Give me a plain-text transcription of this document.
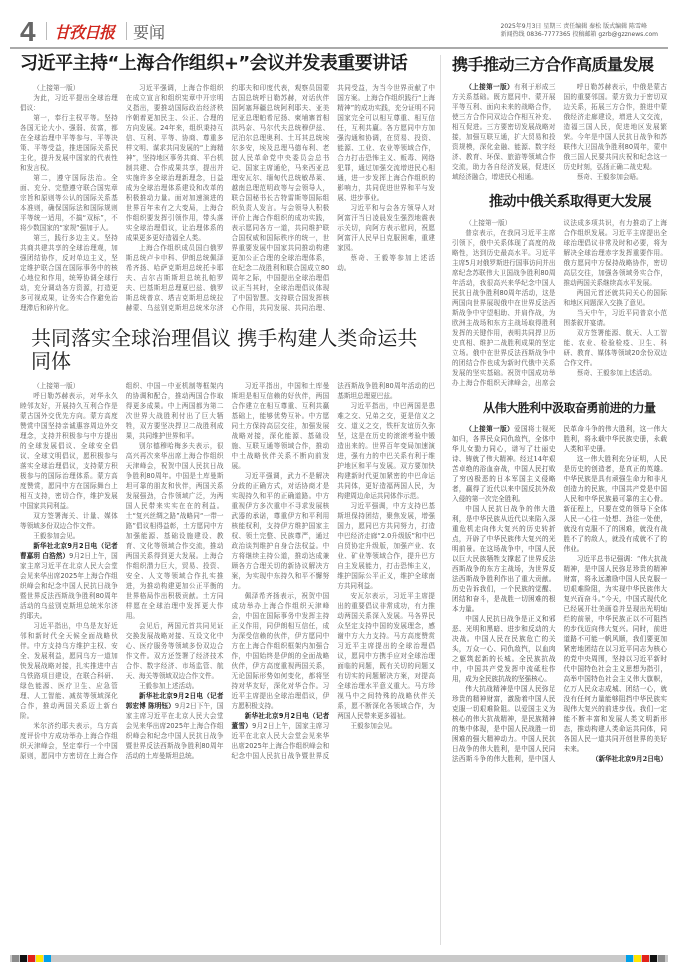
4 甘孜日报 要闻	2025年9月3日 星期三 责任编辑 秦松 版式编辑 陈雪峰
新闻热线 0836-7777365 投稿邮箱 gzrb@gzznews.com
习近平主持“上海合作组织+”会议并发表重要讲话

（上接第一版）

为此，习近平提出全球治理倡议：

第一，奉行主权平等。坚持各国无论大小、强弱、贫富，都在全球治理中平等参与、平等决策、平等受益，推进国际关系民主化，提升发展中国家的代表性和发言权。

第二，遵守国际法治。全面、充分、完整遵守联合国宪章宗旨和原则等公认的国际关系基本准则，确保国际法和国际规则平等统一适用，不搞“双标”，不将少数国家的“家规”强加于人。

第三，践行多边主义。坚持共商共建共享的全球治理观，加强团结协作，反对单边主义，坚定维护联合国在国际事务中的核心地位和作用，统筹协调全球行动，充分调动各方资源，打造更多可视成果，让务实合作避免治理滞后和碎片化。

习近平强调，上海合作组织在成立宣言和组织宪章中开宗明义指出，要推动国际政治经济秩序朝着更加民主、公正、合理的方向发展。24年来，组织秉持互信、互利、平等、协商、尊重多样文明、谋求共同发展的“上海精神”，坚持地区事务共商、平台机制共建、合作成果共享，提出并实施许多全球治理新理念，日益成为全球治理体系建设和改革的积极推动力量。面对加速演进的世界百年未有之大变局，上海合作组织要发挥引领作用，带头落实全球治理倡议，让治理体系的成果更多更好造福全人类。

上海合作组织成员国白俄罗斯总统卢卡申科、伊朗总统佩泽希齐扬、哈萨克斯坦总统托卡耶夫、吉尔吉斯斯坦总统扎帕罗夫、巴基斯坦总理夏巴兹、俄罗斯总统普京、塔吉克斯坦总统拉赫蒙、乌兹别克斯坦总统米尔济约耶夫和印度代表，观察员国蒙古国总统呼日勒苏赫，对话伙伴国阿塞拜疆总统阿利耶夫、亚美尼亚总理帕希尼扬、柬埔寨首相洪玛奈、马尔代夫总统穆伊兹、尼泊尔总理奥利、土耳其总统埃尔多安，埃及总理马德布利、老挝人民革命党中央委员会总书记、国家主席通伦，马来西亚总理安瓦尔、缅甸代总统敏昂莱、越南总理范明政等与会领导人，联合国秘书长古特雷斯等国际组织负责人发言。与会领导人积极评价上海合作组织的成功实践，表示愿同各方一道，共同维护联合国权威和国际秩序的统一，世界重要发展中国家共同推动构建更加公正合理的全球治理体系，在纪念二战胜利和联合国成立80周年之际，中国提出全球治理倡议正当其时，全球治理倡议体现了中国智慧。支持联合国发挥核心作用，共同发展、共同治理、共同受益，为当今世界贡献了中国方案。上海合作组织践行“上海精神”的成功实践，充分证明不同国家完全可以相互尊重、相互信任，互利共赢。各方愿同中方加强沟通和协调，在贸易、投资、能源、工业、农业等领域合作，合力打击恐怖主义、贩毒、网络犯罪，通过加强交流增进民心相通，进一步发挥上海合作组织的影响力，共同促进世界和平与发展、进步事业。

习近平和与会各方领导人对阿富汗当日凌晨发生强烈地震表示关切，向阿方表示慰问，祝愿阿富汗人民早日克服困难，重建家园。

蔡奇、王毅等参加上述活动。

共同落实全球治理倡议 携手构建人类命运共同体

（上接第一版）

呼日勒苏赫表示，对华永久睦邻友好，开展持久互利合作是蒙古国外交优先方向。蒙方高度赞赏中国坚持亲诚惠容周边外交理念，支持并积极参与中方提出的全球发展倡议、全球安全倡议、全球文明倡议，愿积极参与落实全球治理倡议，支持蒙方积极参与的国际治理体系。蒙方高度赞赏，愿同中方在国际舞台上相互支持，密切合作，维护发展中国家共同利益。

双方签署海关、计量、媒体等领域多份双边合作文件。

王毅参加会见。

新华社北京9月2日电（记者 曹嘉玥 白浩然）9月2日上午，国家主席习近平在北京人民大会堂会见来华出席2025年上海合作组织峰会和纪念中国人民抗日战争暨世界反法西斯战争胜利80周年活动的乌兹别克斯坦总统米尔济约耶夫。

习近平指出，中乌是友好近邻和新时代全天候全面战略伙伴。中方支持乌方维护主权、安全、发展利益，愿同乌方一道加快发展战略对接，扎实推进中吉乌铁路项目建设，在联合科研、绿色能源、医疗卫生、应急管理、人工智能、减贫等领域深化合作，推动两国关系迈上新台阶。

米尔济约耶夫表示，乌方高度评价中方成功举办上海合作组织天津峰会，坚定奉行一个中国原则，愿同中方密切在上海合作组织、中国－中亚机制等框架内的协调和配合，推动两国合作取得更多成果。中上两国都为第二次世界大战胜利付出了巨大牺牲，双方要坚决捍卫二战胜利成果，共同维护世界和平。

别尔德穆哈梅多夫表示，很高兴再次来华出席上海合作组织天津峰会，祝贺中国人民抗日战争胜利80周年。中国是土库曼斯坦可靠的朋友和伙伴，两国关系发展强劲，合作领域广泛，为两国人民带来实实在在的利益。土“复兴丝绸之路”战略同“一带一路”倡议相得益彰，土方愿同中方加强能源、基础设施建设、教育、文化等领域合作交流，推动两国关系得到更大发展。上海合作组织潜力巨大，贸易、投资、安全、人文等领域合作扎实推进，为推动构建更加公正平衡的世界格局作出积极贡献。土方同样愿在全球治理中发挥更大作用。

会见后，两国元首共同见证交换发展战略对接、互设文化中心、医疗服务等领域多份双边合作文件。双方还签署了经济技术合作、数字经济、市场监管、航天、海关等领域双边合作文件。

王毅参加上述活动。

新华社北京9月2日电（记者 郭宏博 陈明钰）9月2日下午，国家主席习近平在北京人民大会堂会见来华出席2025年上海合作组织峰会和纪念中国人民抗日战争暨世界反法西斯战争胜利80周年活动的土库曼斯坦总统。

习近平指出，中国和土库曼斯坦是相互信赖的好伙伴，两国合作建立在相互尊重、互利共赢基础上，能够优势互补。中方愿同土方保持高层交往，加强发展战略对接，深化能源、基础设施、互联互通等领域合作，推动中土战略伙伴关系不断向前发展。

习近平强调，武力不是解决分歧的正确方式，对话协商才是实现持久和平的正确道路。中方重视伊方多次重申不寻求发展核武器的承诺，尊重伊方和平利用核能权利，支持伊方维护国家主权、领土完整、民族尊严，通过政治谈判维护自身合法权益。中方将继续主持公道，推动达成兼顾各方合理关切的新协议解决方案，为实现中东持久和平不懈努力。

佩泽希齐扬表示，祝贺中国成功举办上海合作组织天津峰会，中国在国际事务中发挥主持正义作用，同伊朗相互信任，成为深受信赖的伙伴，伊方愿同中方在上海合作组织框架内加强合作，中国始终是伊朗的全面战略伙伴，伊方高度重视两国关系，无论国际形势如何变化，都将坚持对华友好，深化对华合作。习近平主席提出全球治理倡议，伊方愿积极支持。

新华社北京9月2日电（记者 董雪）9月2日上午，国家主席习近平在北京人民大会堂会见来华出席2025年上海合作组织峰会和纪念中国人民抗日战争暨世界反法西斯战争胜利80周年活动的巴基斯坦总理夏巴兹。

习近平指出，中巴两国是患难之交、兄弟之交，更是信义之交、道义之交，铁杆友谊历久弥坚，这是在历史的滚滚考验中锻造出来的。世界百年变局加速演进，强有力的中巴关系有利于维护地区和平与发展。双方要加快构建新时代更加紧密的中巴命运共同体，更好造福两国人民，为构建周边命运共同体作示范。

习近平强调，中方支持巴基斯坦保持团结，聚焦发展，增强国力，愿同巴方共同努力，打造中巴经济走廊“2.0升级版”和中巴自贸协定升级版，加强产业、农业、矿业等领域合作，提升巴方自主发展能力，打击恐怖主义，维护国际公平正义，维护全球南方共同利益。

安瓦尔表示，习近平主席提出的重要倡议非常成功，有力推动两国关系深入发展。马各界民众坚定支持中国的发展理念，感谢中方大力支持。马方高度赞赏习近平主席提出的全球治理倡议，愿同中方携手应对全球治理面临的问题，既有关切的问题又有切实的问题解决方案，对提高全球治理水平意义重大。马方珍视马中之间特殊的战略伙伴关系，愿不断深化各领域合作，为两国人民带来更多福祉。

王毅参加会见。

携手推动三方合作高质量发展

（上接第一版）有利于形成三方关系基础。既方愿同中、蒙开展平等互利、面向未来的战略合作，使三方合作同双边合作相互补充、相互促进。三方要密切发展战略对接，加强互联互通，扩大贸易和投资规模，深化金融、能源、数字经济、教育、环保、旅游等领域合作交流，助力各自经济发展，促进区域经济融合，增进民心相通。

呼日勒苏赫表示，中俄是蒙古国的重要邻国。蒙方致力于密切双边关系，拓展三方合作，推进中蒙俄经济走廊建设，增进人文交流，造福三国人民，促进地区发展繁荣。今年是中国人民抗日战争和苏联伟大卫国战争胜利80周年，蒙中俄三国人民要共同庆祝和纪念这一历史时刻，弘扬正确二战史观。

蔡奇、王毅参加会晤。

推动中俄关系取得更大发展

（上接第一版）

普京表示，在我同习近平主席引领下，俄中关系体现了高度的战略性，达到历史最高水平。习近平主席5月对俄罗斯进行国事访问并出席纪念苏联伟大卫国战争胜利80周年活动，我很高兴来华纪念中国人民抗日战争胜利80周年活动，这是两国向世界展现俄中在世界反法西斯战争中守望相助、并肩作战，为欧洲主战场和东方主战场取得胜利发挥的关键作用，表明共同捍卫历史真相、维护二战胜利成果的坚定立场。俄中在世界反法西斯战争中的团结合作也成为新时代俄中关系发展的坚实基础。祝贺中国成功举办上海合作组织天津峰会，出席会议法成多项共识，有力推动了上海合作组织发展。习近平主席提出全球治理倡议非常及时和必要，将为解决全球治理赤字发挥重要作用。俄方愿同中方保持战略协作，密切高层交往，加强各领域务实合作，推动两国关系继续高水平发展。

两国元首还就共同关心的国际和地区问题深入交换了意见。

当天中午，习近平同普京小范围茶叙并宴请。

双方签署能源、航天、人工智能、农业、检验检疫、卫生、科研、教育、媒体等领域20余份双边合作文件。

蔡奇、王毅参加上述活动。

从伟大胜利中汲取奋勇前进的力量

（上接第一版）爱国将士视死如归，各界民众同仇敌忾，全体中华儿女勠力同心，谱写了壮丽史诗、铸就了伟大精神。经过14年艰苦卓绝的浴血奋战，中国人民打败了穷凶极恶的日本军国主义侵略者，赢得了近代以来中国反抗外敌入侵的第一次完全胜利。

中国人民抗日战争的伟大胜利，是中华民族从近代以来陷入深重危机走向伟大复兴的历史转折点，开辟了中华民族伟大复兴的光明前景。在这场战争中，中国人民以巨大民族牺牲支撑起了世界反法西斯战争的东方主战场，为世界反法西斯战争胜利作出了重大贡献。历史告诉我们，一个民族的觉醒、团结和奋斗，是战胜一切困难的根本力量。

中国人民抗日战争是正义和邪恶、光明和黑暗、进步和反动的大决战。中国人民在民族危亡的关头，万众一心、同仇敌忾，以血肉之躯筑起新的长城。全民族抗战中，中国共产党发挥中流砥柱作用，成为全民族抗战的坚强核心。

伟大抗战精神是中国人民弥足珍贵的精神财富，激励着中国人民克服一切艰难险阻。以爱国主义为核心的伟大抗战精神，是民族精神的集中体现，是中国人民战胜一切困难的强大精神动力。中国人民抗日战争的伟大胜利，是中国人民同法西斯斗争的伟大胜利，是中国人民革命斗争的伟大胜利，这一伟大胜利，将永载中华民族史册，永载人类和平史册。

这一伟大胜利充分证明，人民是历史的创造者，是真正的英雄。中华民族是具有顽强生命力和非凡创造力的民族，中国共产党是中国人民和中华民族最可靠的主心骨。新征程上，只要在党的领导下全体人民一心往一处想、劲往一处使，就没有克服不了的困难，就没有战胜不了的敌人，就没有成就不了的伟业。

习近平总书记强调：“伟大抗战精神，是中国人民弥足珍贵的精神财富，将永远激励中国人民克服一切艰难险阻，为实现中华民族伟大复兴而奋斗。”今天，中国式现代化已经展开壮美画卷并呈现出光明灿烂的前景，中华民族正以不可阻挡的步伐迈向伟大复兴。同时，前进道路不可能一帆风顺，我们要更加紧密地团结在以习近平同志为核心的党中央周围，坚持以习近平新时代中国特色社会主义思想为指引，高举中国特色社会主义伟大旗帜，亿万人民众志成城、团结一心，就没有任何力量能够阻挡中华民族实现伟大复兴的前进步伐。我们一定能不断丰富和发展人类文明新形态，推动构建人类命运共同体，同各国人民一道共同开创世界的美好未来。

（新华社北京9月2日电）
